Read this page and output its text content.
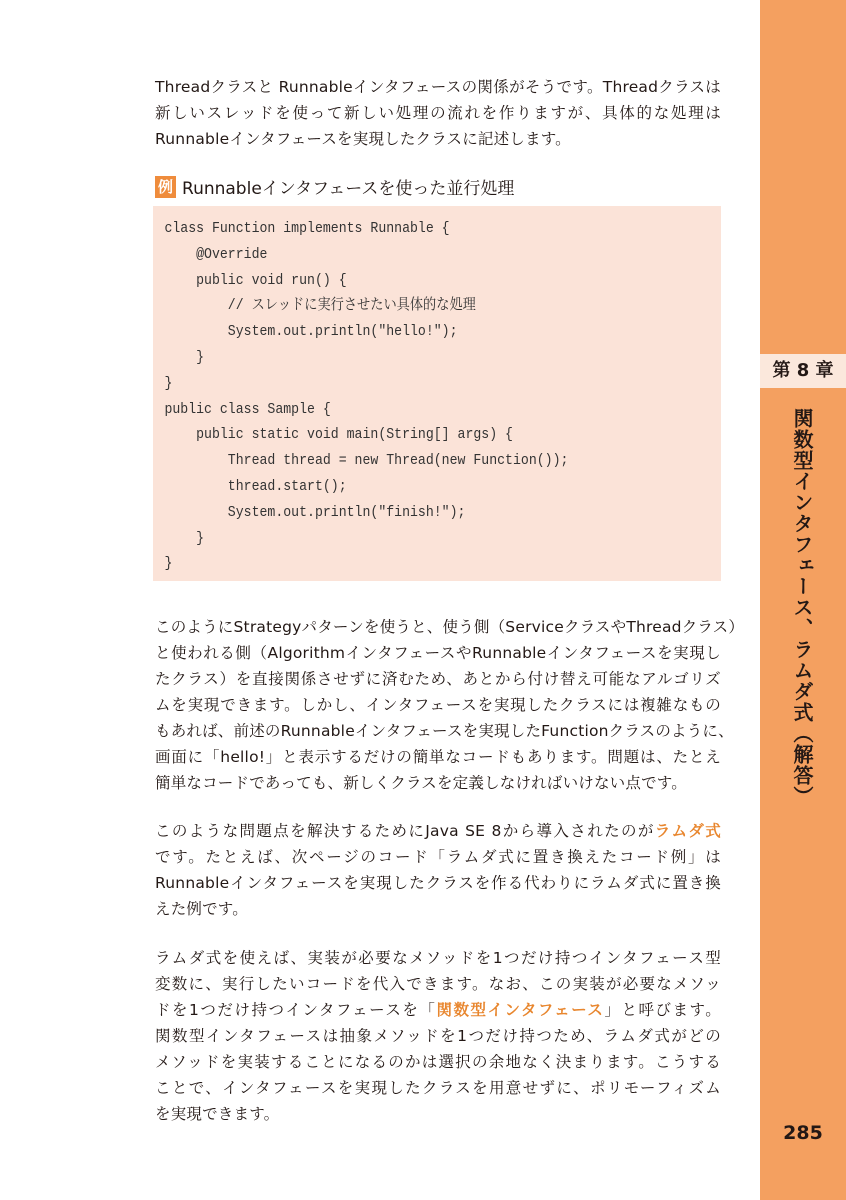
Threadクラスと Runnableインタフェースの関係がそうです。Threadクラスは
新しいスレッドを使って新しい処理の流れを作りますが、具体的な処理は
Runnableインタフェースを実現したクラスに記述します。
例 Runnableインタフェースを使った並行処理
class Function implements Runnable {
@Override
public void run() {
// スレッドに実行させたい具体的な処理
System.out.println("hello!");
}
}
public class Sample {
public static void main(String[] args) {
Thread thread = new Thread(new Function());
thread.start();
System.out.println("finish!");
}
}
このようにStrategyパターンを使うと、使う側（ServiceクラスやThreadクラス）
と使われる側（AlgorithmインタフェースやRunnableインタフェースを実現し
たクラス）を直接関係させずに済むため、あとから付け替え可能なアルゴリズ
ムを実現できます。しかし、インタフェースを実現したクラスには複雑なもの
もあれば、前述のRunnableインタフェースを実現したFunctionクラスのように、
画面に「hello!」と表示するだけの簡単なコードもあります。問題は、たとえ
簡単なコードであっても、新しくクラスを定義しなければいけない点です。
このような問題点を解決するためにJava SE 8から導入されたのがラムダ式
です。たとえば、次ページのコード「ラムダ式に置き換えたコード例」は
Runnableインタフェースを実現したクラスを作る代わりにラムダ式に置き換
えた例です。
ラムダ式を使えば、実装が必要なメソッドを1つだけ持つインタフェース型
変数に、実行したいコードを代入できます。なお、この実装が必要なメソッ
ドを1つだけ持つインタフェースを「関数型インタフェース」と呼びます。
関数型インタフェースは抽象メソッドを1つだけ持つため、ラムダ式がどの
メソッドを実装することになるのかは選択の余地なく決まります。こうする
ことで、インタフェースを実現したクラスを用意せずに、ポリモーフィズム
を実現できます。
第 8 章
関数型インタフェース、ラムダ式（解答）
285
